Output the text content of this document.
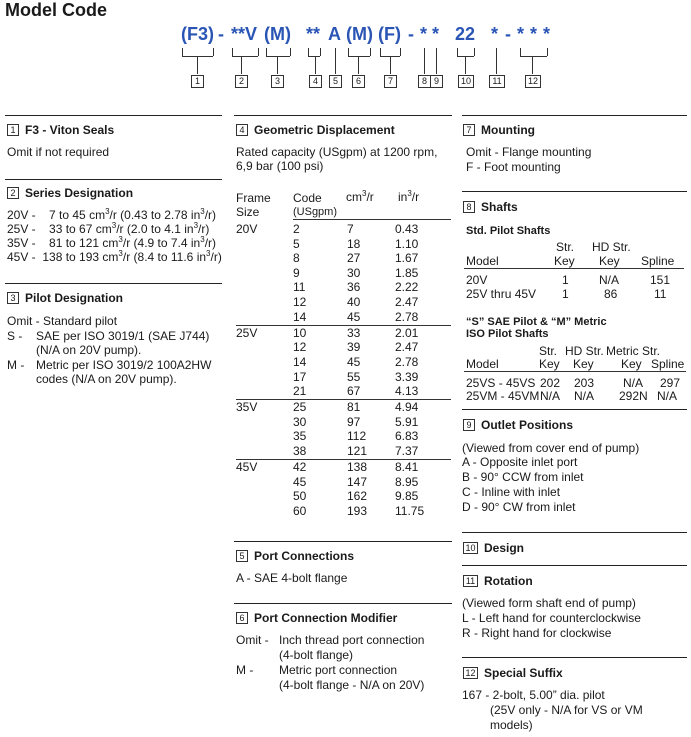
Model Code
(F3) - **V (M) ** A (M) (F) - * * 22 * - * * *
1	2	3	4	5	6	7	8 9	10	11	12
1 F3 - Viton Seals
Omit if not required
2 Series Designation
20V - 7 to 45 $cm^3/r$ (0.43 to 2.78 $in^3/r$)
25V - 33 to 67 $cm^3/r$ (2.0 to 4.1 $in^3/r$)
35V - 81 to 121 $cm^3/r$ (4.9 to 7.4 $in^3/r$)
45V - 138 to 193 $cm^3/r$ (8.4 to 11.6 $in^3/r$)
3 Pilot Designation
Omit - Standard pilot
S - SAE per ISO 3019/1 (SAE J744)
(N/A on 20V pump).
M - Metric per ISO 3019/2 100A2HW
codes (N/A on 20V pump).
4 Geometric Displacement
Rated capacity (USgpm) at 1200 rpm,
6,9 bar (100 psi)
Frame
Size
Code
(USgpm)
$cm^3/r$ $in^3/r$
20V	2	7	0.43
5	18	1.10
8	27	1.67
9	30	1.85
11	36	2.22
12	40	2.47
14	45	2.78
25V	10	33	2.01
12	39	2.47
14	45	2.78
17	55	3.39
21	67	4.13
35V	25	81	4.94
30	97	5.91
35	112 6.83
38	121 7.37
45V	42	138 8.41
45	147 8.95
50	162 9.85
60	193 11.75
5 Port Connections
A - SAE 4-bolt flange
6 Port Connection Modifier
Omit - Inch thread port connection
(4-bolt flange)
M - Metric port connection
(4-bolt flange - N/A on 20V)
7 Mounting
Omit - Flange mounting
F - Foot mounting
8 Shafts
Std. Pilot Shafts
Str.
Key
HD Str.
Key Spline
Model
20V	1	N/A	151
25V thru 45V 1	86	11
“S” SAE Pilot & “M” Metric
ISO Pilot Shafts
Str.
Key
HD Str.
Key
Metric Str.
Key Spline
Model
25VS - 45VS 202 203 N/A 297
25VM - 45VM N/A N/A 292N N/A
9 Outlet Positions
(Viewed from cover end of pump)
A - Opposite inlet port
B - 90° CCW from inlet
C - Inline with inlet
D - 90° CW from inlet
10 Design
11 Rotation
(Viewed form shaft end of pump)
L - Left hand for counterclockwise
R - Right hand for clockwise
12 Special Suffix
167 - 2-bolt, 5.00” dia. pilot
(25V only - N/A for VS or VM
models)
